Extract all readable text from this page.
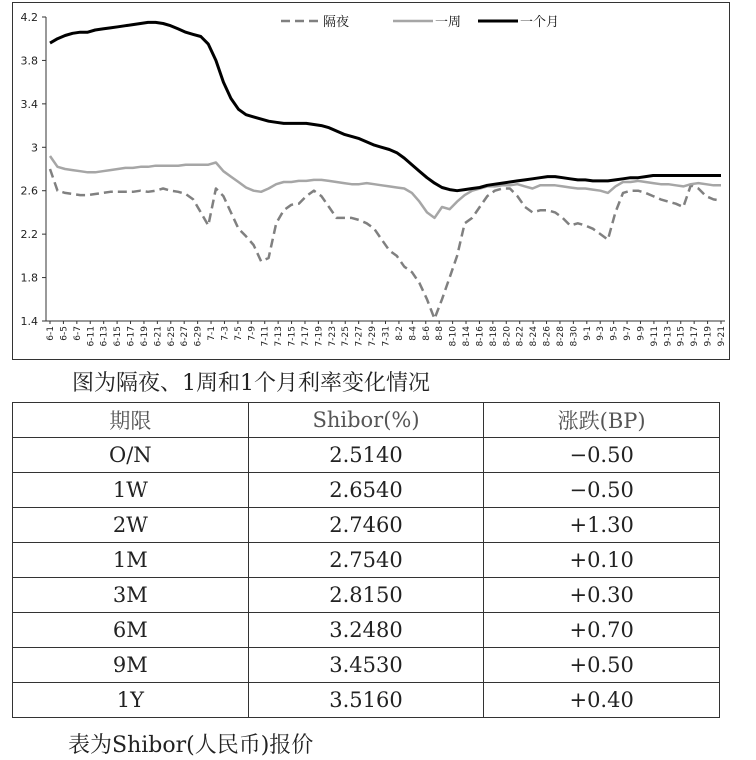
1.4
1.8
2.2
2.6
3
3.4
3.8
4.2
6-1 6-5 6-7 6-11 6-13 6-15 6-17 6-19 6-21 6-25 6-27 6-29 7-1 7-3 7-5 7-9 7-11 7-13 7-15 7-17 7-19 7-23 7-25 7-27 7-29 7-31 8-2 8-4 8-6 8-8 8-10 8-14 8-16 8-18 8-20 8-22 8-24 8-26 8-28 8-30 9-1 9-3 9-5 9-7 9-9 9-11 9-13 9-15 9-17 9-19 9-21
隔夜	一周	一个月
图为隔夜、1周和1个月利率变化情况
期限	Shibor(%)	涨跌(BP)
O/N	2.5140	−0.50
1W	2.6540	−0.50
2W	2.7460	+1.30
1M	2.7540	+0.10
3M	2.8150	+0.30
6M	3.2480	+0.70
9M	3.4530	+0.50
1Y	3.5160	+0.40
表为Shibor(人民币)报价
